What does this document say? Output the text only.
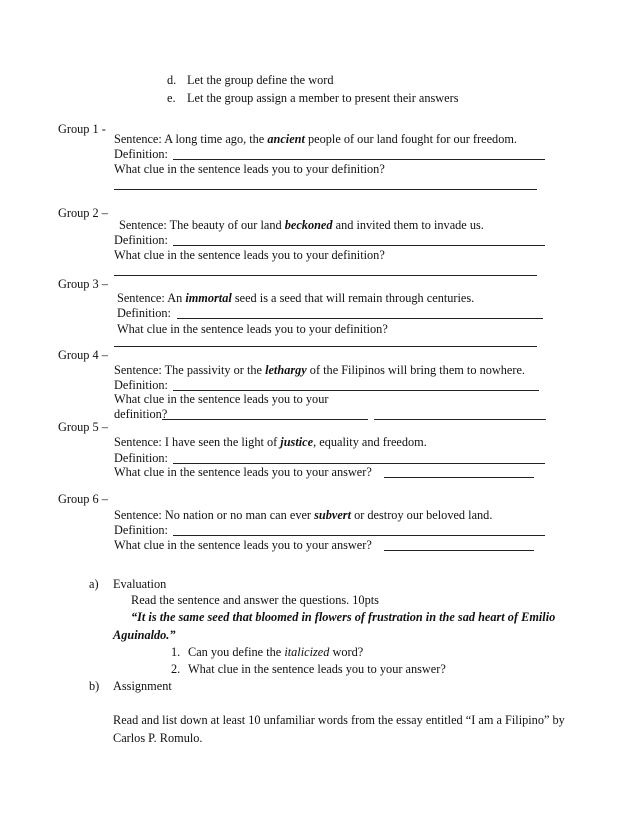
d. Let the group define the word
e. Let the group assign a member to present their answers
Group 1 -
Sentence: A long time ago, the ancient people of our land fought for our freedom.
Definition:
What clue in the sentence leads you to your definition?
Group 2 –
Sentence: The beauty of our land beckoned and invited them to invade us.
Definition:
What clue in the sentence leads you to your definition?
Group 3 –
Sentence: An immortal seed is a seed that will remain through centuries.
Definition:
What clue in the sentence leads you to your definition?
Group 4 –
Sentence: The passivity or the lethargy of the Filipinos will bring them to nowhere.
Definition:
What clue in the sentence leads you to your
definition?
Group 5 –
Sentence: I have seen the light of justice, equality and freedom.
Definition:
What clue in the sentence leads you to your answer?
Group 6 –
Sentence: No nation or no man can ever subvert or destroy our beloved land.
Definition:
What clue in the sentence leads you to your answer?
a) Evaluation
Read the sentence and answer the questions. 10pts
“It is the same seed that bloomed in flowers of frustration in the sad heart of Emilio
Aguinaldo.”
1. Can you define the italicized word?
2. What clue in the sentence leads you to your answer?
b) Assignment
Read and list down at least 10 unfamiliar words from the essay entitled “I am a Filipino” by
Carlos P. Romulo.
